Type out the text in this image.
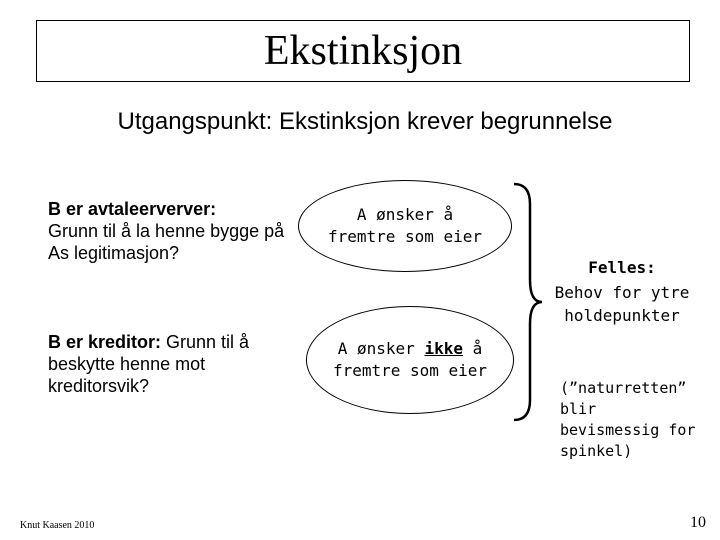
Ekstinksjon
Utgangspunkt: Ekstinksjon krever begrunnelse
B er avtaleerverver:
Grunn til å la henne bygge på As legitimasjon?
A ønsker å
fremtre som eier
B er kreditor: Grunn til å beskytte henne mot kreditorsvik?
A ønsker ikke å
fremtre som eier
Felles:
Behov for ytre holdepunkter
(”naturretten” blir bevismessig for spinkel)
Knut Kaasen 2010	10
